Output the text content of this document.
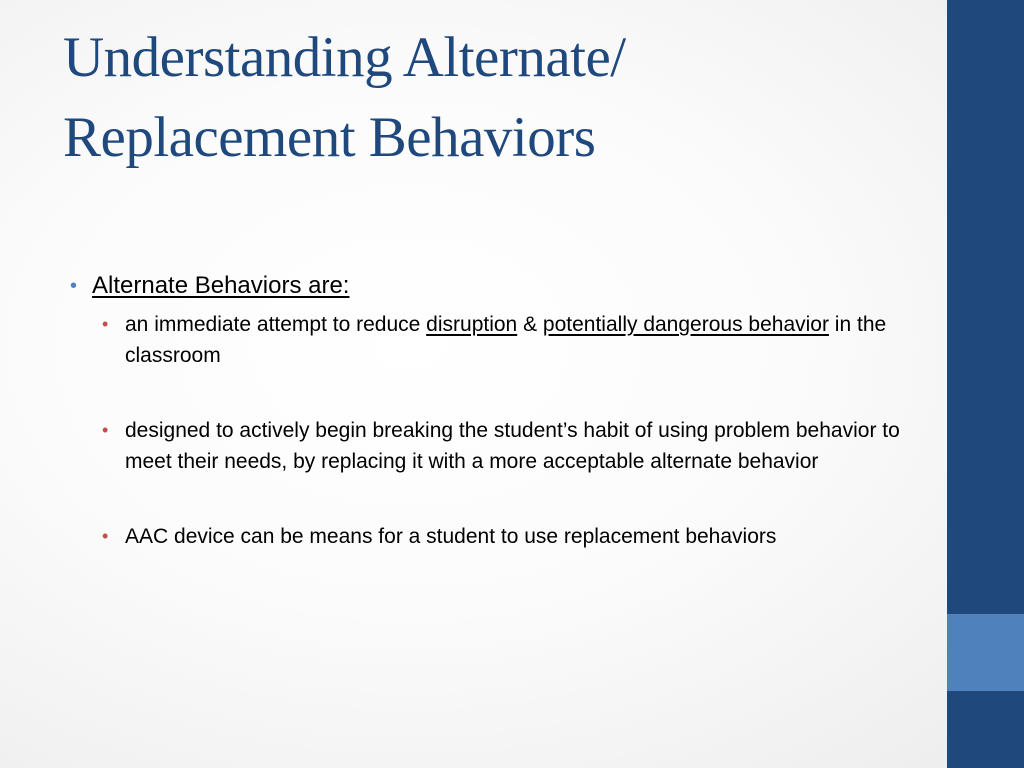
Understanding Alternate/
Replacement Behaviors
• Alternate Behaviors are:
• an immediate attempt to reduce disruption & potentially dangerous behavior in the classroom
• designed to actively begin breaking the student’s habit of using problem behavior to meet their needs, by replacing it with a more acceptable alternate behavior
• AAC device can be means for a student to use replacement behaviors
